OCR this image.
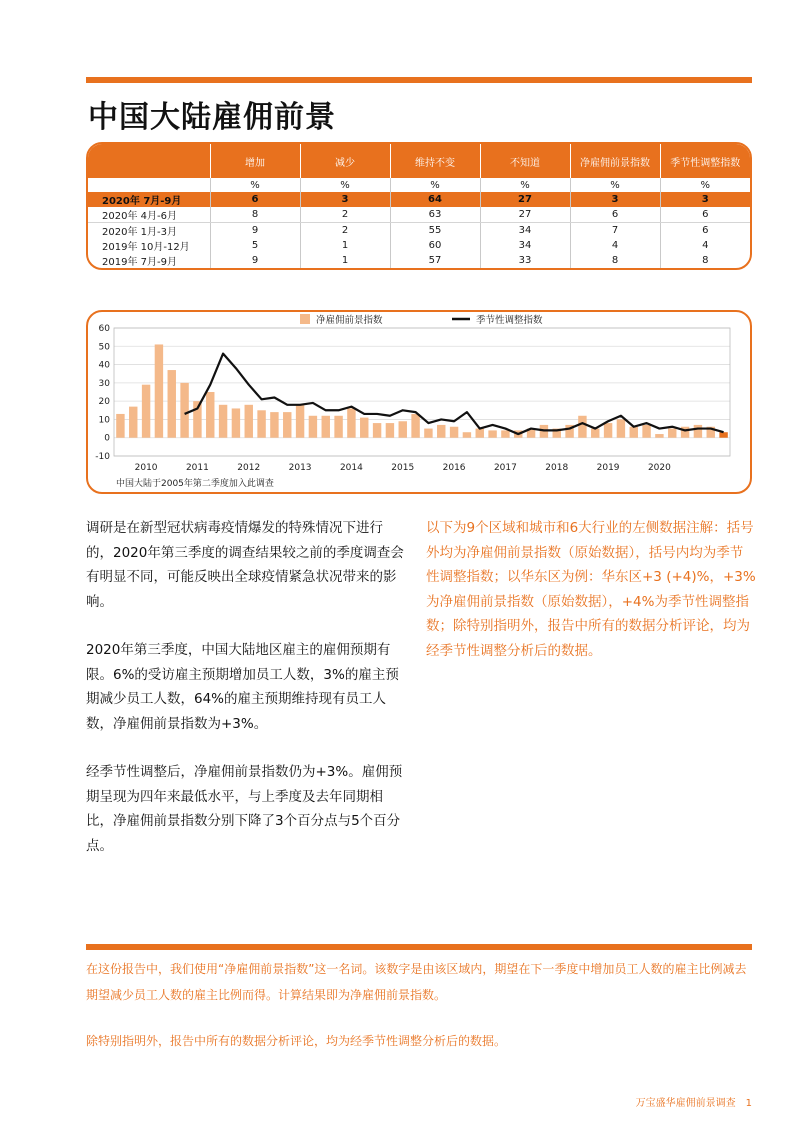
中国大陆雇佣前景
	增加	减少	维持不变	不知道	净雇佣前景指数	季节性调整指数
	%	%	%	%	%	%
2020年 7月-9月	6	3	64	27	3	3
2020年 4月-6月	8	2	63	27	6	6
2020年 1月-3月	9	2	55	34	7	6
2019年 10月-12月	5	1	60	34	4	4
2019年 7月-9月	9	1	57	33	8	8
60
50
40
30
20
10
0
-10
2010	2011	2012	2013	2014	2015	2016	2017	2018	2019	2020
净雇佣前景指数	季节性调整指数
中国大陆于2005年第二季度加入此调查

调研是在新型冠状病毒疫情爆发的特殊情况下进行的，2020年第三季度的调查结果较之前的季度调查会有明显不同，可能反映出全球疫情紧急状况带来的影响。

2020年第三季度，中国大陆地区雇主的雇佣预期有限。6%的受访雇主预期增加员工人数，3%的雇主预期减少员工人数，64%的雇主预期维持现有员工人数，净雇佣前景指数为+3%。

经季节性调整后，净雇佣前景指数仍为+3%。雇佣预期呈现为四年来最低水平，与上季度及去年同期相比，净雇佣前景指数分别下降了3个百分点与5个百分点。

以下为9个区域和城市和6大行业的左侧数据注解：括号外均为净雇佣前景指数（原始数据），括号内均为季节性调整指数；以华东区为例：华东区+3 (+4)%，+3%为净雇佣前景指数（原始数据），+4%为季节性调整指数；除特别指明外，报告中所有的数据分析评论，均为经季节性调整分析后的数据。

在这份报告中，我们使用“净雇佣前景指数”这一名词。该数字是由该区域内，期望在下一季度中增加员工人数的雇主比例减去期望减少员工人数的雇主比例而得。计算结果即为净雇佣前景指数。

除特别指明外，报告中所有的数据分析评论，均为经季节性调整分析后的数据。

万宝盛华雇佣前景调查 1
